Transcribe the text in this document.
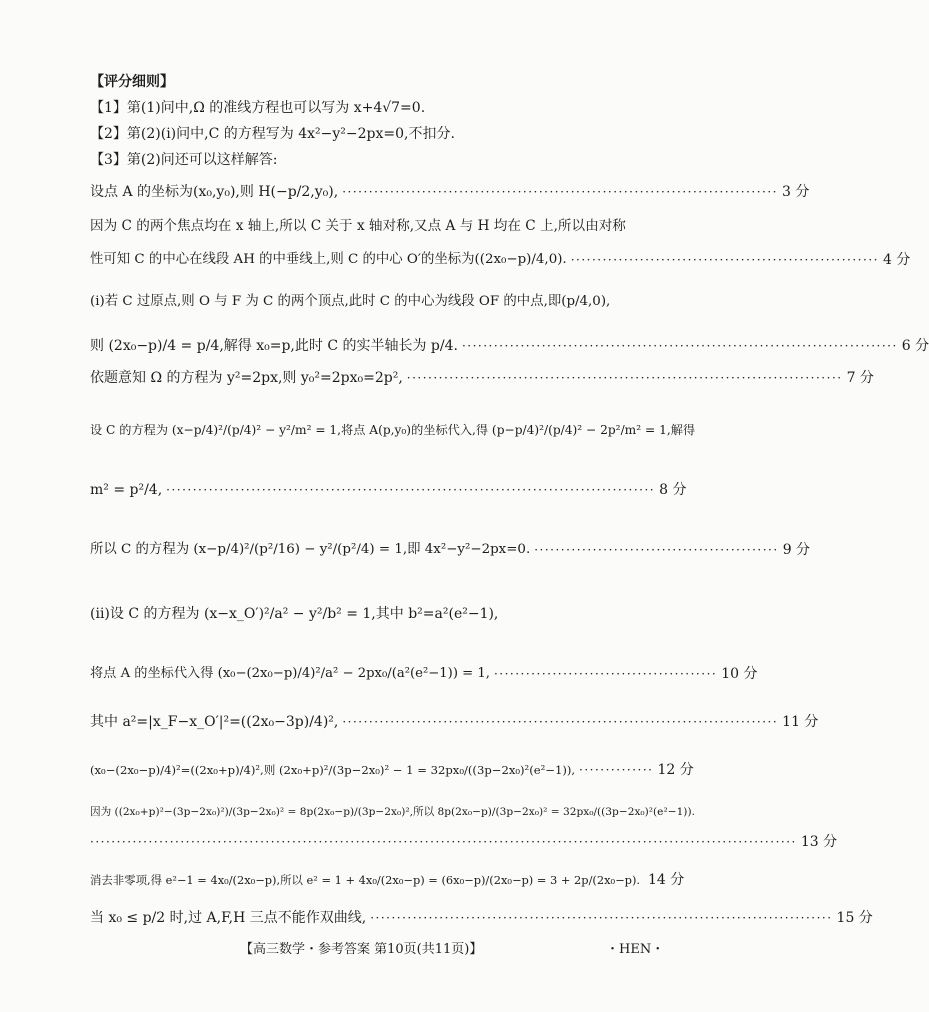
【评分细则】
【1】第(1)问中,Ω 的准线方程也可以写为 x+4√7=0.
【2】第(2)(ⅰ)问中,C 的方程写为 4x²−y²−2px=0,不扣分.
【3】第(2)问还可以这样解答:
设点 A 的坐标为(x₀,y₀),则 H(−p/2,y₀), ·················································································· 3 分
因为 C 的两个焦点均在 x 轴上,所以 C 关于 x 轴对称,又点 A 与 H 均在 C 上,所以由对称
性可知 C 的中心在线段 AH 的中垂线上,则 C 的中心 O′的坐标为((2x₀−p)/4,0). ·························································· 4 分
(ⅰ)若 C 过原点,则 O 与 F 为 C 的两个顶点,此时 C 的中心为线段 OF 的中点,即(p/4,0),
则 (2x₀−p)/4 = p/4,解得 x₀=p,此时 C 的实半轴长为 p/4. ·················································································· 6 分
依题意知 Ω 的方程为 y²=2px,则 y₀²=2px₀=2p², ·················································································· 7 分
设 C 的方程为 (x−p/4)²/(p/4)² − y²/m² = 1,将点 A(p,y₀)的坐标代入,得 (p−p/4)²/(p/4)² − 2p²/m² = 1,解得
m² = p²/4, ···························································································· 8 分
所以 C 的方程为 (x−p/4)²/(p²/16) − y²/(p²/4) = 1,即 4x²−y²−2px=0. ·············································· 9 分
(ⅱ)设 C 的方程为 (x−x_O′)²/a² − y²/b² = 1,其中 b²=a²(e²−1),
将点 A 的坐标代入得 (x₀−(2x₀−p)/4)²/a² − 2px₀/(a²(e²−1)) = 1, ·········································· 10 分
其中 a²=|x_F−x_O′|²=((2x₀−3p)/4)², ·················································································· 11 分
(x₀−(2x₀−p)/4)²=((2x₀+p)/4)²,则 (2x₀+p)²/(3p−2x₀)² − 1 = 32px₀/((3p−2x₀)²(e²−1)), ·············· 12 分
因为 ((2x₀+p)²−(3p−2x₀)²)/(3p−2x₀)² = 8p(2x₀−p)/(3p−2x₀)²,所以 8p(2x₀−p)/(3p−2x₀)² = 32px₀/((3p−2x₀)²(e²−1)).
····································································································································· 13 分
消去非零项,得 e²−1 = 4x₀/(2x₀−p),所以 e² = 1 + 4x₀/(2x₀−p) = (6x₀−p)/(2x₀−p) = 3 + 2p/(2x₀−p). 14 分
当 x₀ ≤ p/2 时,过 A,F,H 三点不能作双曲线, ······················································································· 15 分
【高三数学・参考答案 第10页(共11页)】	・HEN・
